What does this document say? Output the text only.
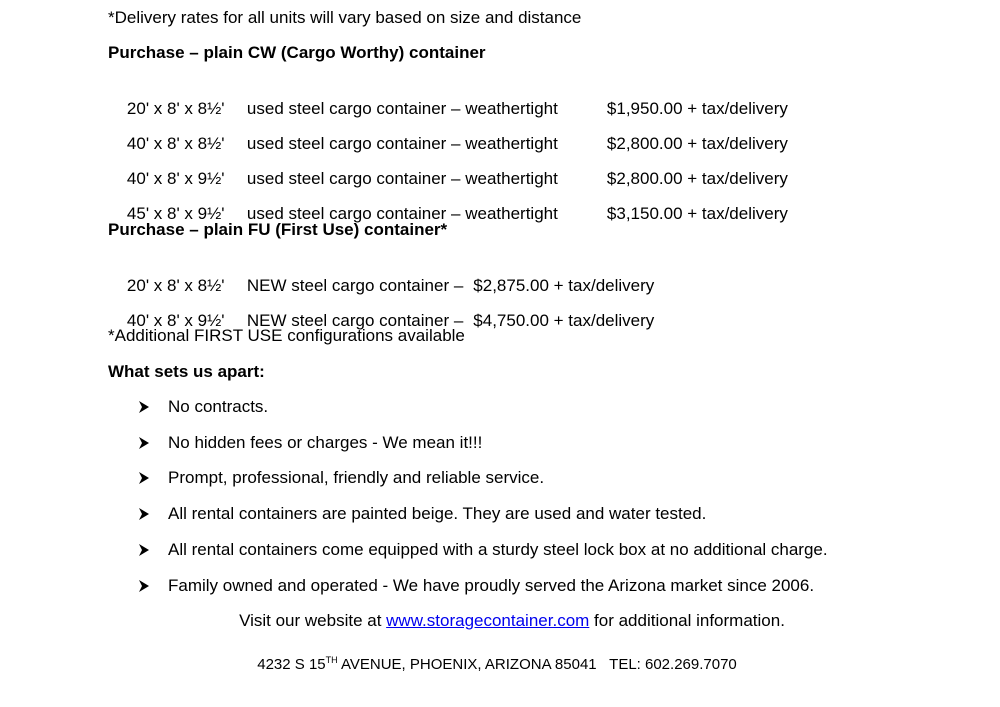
*Delivery rates for all units will vary based on size and distance
Purchase – plain CW (Cargo Worthy) container

20' x 8' x 8½' used steel cargo container – weathertight	$1,950.00 + tax/delivery

40' x 8' x 8½' used steel cargo container – weathertight	$2,800.00 + tax/delivery

40' x 8' x 9½' used steel cargo container – weathertight	$2,800.00 + tax/delivery

45' x 8' x 9½' used steel cargo container – weathertight	$3,150.00 + tax/delivery

Purchase – plain FU (First Use) container*

20' x 8' x 8½' NEW steel cargo container – $2,875.00 + tax/delivery

40' x 8' x 9½' NEW steel cargo container – $4,750.00 + tax/delivery

*Additional FIRST USE configurations available
What sets us apart:

No contracts.

No hidden fees or charges - We mean it!!!

Prompt, professional, friendly and reliable service.

All rental containers are painted beige. They are used and water tested.

All rental containers come equipped with a sturdy steel lock box at no additional charge.

Family owned and operated - We have proudly served the Arizona market since 2006.

Visit our website at www.storagecontainer.com for additional information.
4232 S 15TH AVENUE, PHOENIX, ARIZONA 85041 TEL: 602.269.7070
